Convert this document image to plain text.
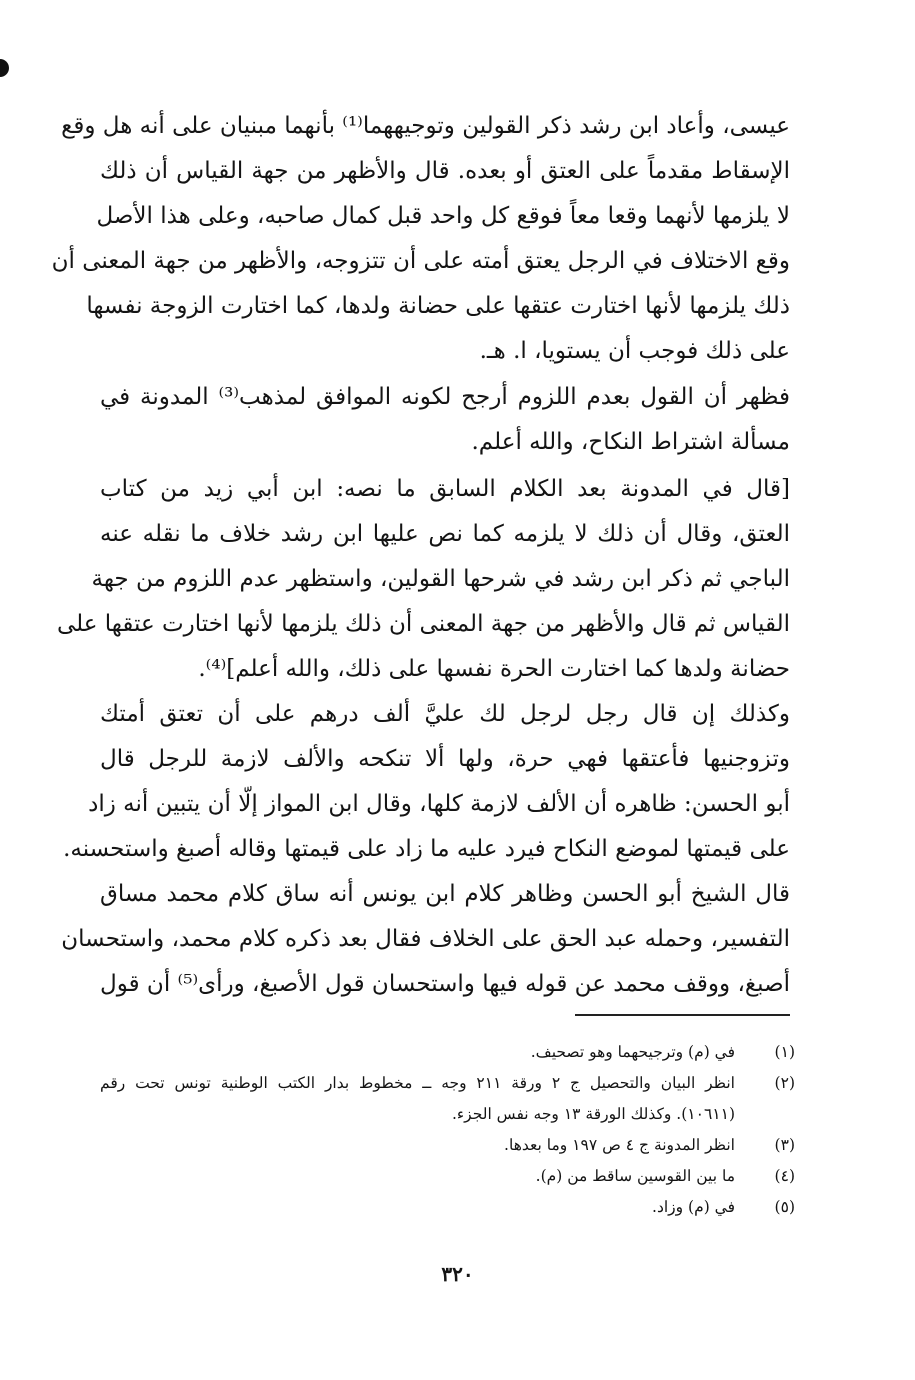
عيسى، وأعاد ابن رشد ذكر القولين وتوجيههما⁽¹⁾ بأنهما مبنيان على أنه هل وقع
الإسقاط مقدماً على العتق أو بعده. قال والأظهر من جهة القياس أن ذلك
لا يلزمها لأنهما وقعا معاً فوقع كل واحد قبل كمال صاحبه، وعلى هذا الأصل
وقع الاختلاف في الرجل يعتق أمته على أن تتزوجه، والأظهر من جهة المعنى أن
ذلك يلزمها لأنها اختارت عتقها على حضانة ولدها، كما اختارت الزوجة نفسها
على ذلك فوجب أن يستويا، ا. هـ.
فظهر أن القول بعدم اللزوم أرجح لكونه الموافق لمذهب⁽³⁾ المدونة في
مسألة اشتراط النكاح، والله أعلم.
[قال في المدونة بعد الكلام السابق ما نصه: ابن أبي زيد من كتاب
العتق، وقال أن ذلك لا يلزمه كما نص عليها ابن رشد خلاف ما نقله عنه
الباجي ثم ذكر ابن رشد في شرحها القولين، واستظهر عدم اللزوم من جهة
القياس ثم قال والأظهر من جهة المعنى أن ذلك يلزمها لأنها اختارت عتقها على
حضانة ولدها كما اختارت الحرة نفسها على ذلك، والله أعلم]⁽⁴⁾.
وكذلك إن قال رجل لرجل لك عليَّ ألف درهم على أن تعتق أمتك
وتزوجنيها فأعتقها فهي حرة، ولها ألا تنكحه والألف لازمة للرجل قال
أبو الحسن: ظاهره أن الألف لازمة كلها، وقال ابن المواز إلّا أن يتبين أنه زاد
على قيمتها لموضع النكاح فيرد عليه ما زاد على قيمتها وقاله أصبغ واستحسنه.
قال الشيخ أبو الحسن وظاهر كلام ابن يونس أنه ساق كلام محمد مساق
التفسير، وحمله عبد الحق على الخلاف فقال بعد ذكره كلام محمد، واستحسان
أصبغ، ووقف محمد عن قوله فيها واستحسان قول الأصبغ، ورأى⁽⁵⁾ أن قول
(١)
في (م) وترجيحهما وهو تصحيف.
(٢)
انظر البيان والتحصيل ج ٢ ورقة ٢١١ وجه ــ مخطوط بدار الكتب الوطنية تونس تحت رقم
(١٠٦١١). وكذلك الورقة ١٣ وجه نفس الجزء.
(٣)
انظر المدونة ج ٤ ص ١٩٧ وما بعدها.
(٤)
ما بين القوسين ساقط من (م).
(٥)
في (م) وزاد.
٣٢٠
